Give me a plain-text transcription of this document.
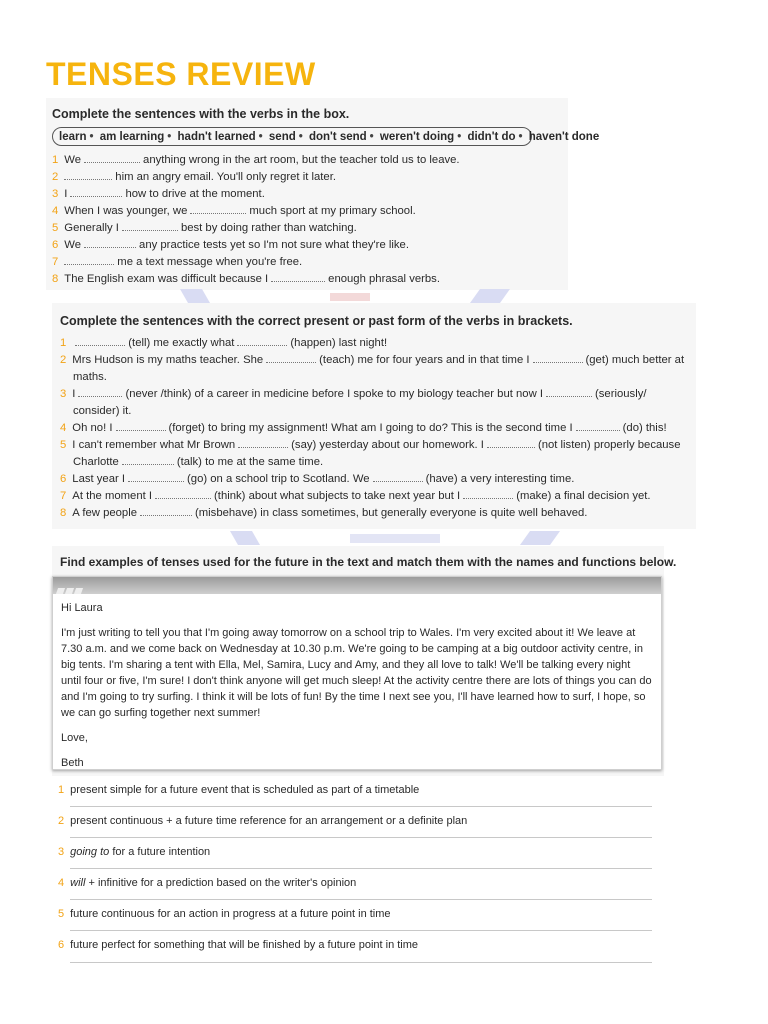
TENSES REVIEW
Complete the sentences with the verbs in the box.
learn • am learning • hadn't learned • send • don't send • weren't doing • didn't do • haven't done
1 We	anything wrong in the art room, but the teacher told us to leave.
2	him an angry email. You'll only regret it later.
3 I	how to drive at the moment.
4 When I was younger, we	much sport at my primary school.
5 Generally I	best by doing rather than watching.
6 We	any practice tests yet so I'm not sure what they're like.
7	me a text message when you're free.
8 The English exam was difficult because I	enough phrasal verbs.
Complete the sentences with the correct present or past form of the verbs in brackets.
1	(tell) me exactly what	(happen) last night!
2 Mrs Hudson is my maths teacher. She	(teach) me for four years and in that time I	(get) much better at
maths.
3 I	(never /think) of a career in medicine before I spoke to my biology teacher but now I	(seriously/
consider) it.
4 Oh no! I	(forget) to bring my assignment! What am I going to do? This is the second time I	(do) this!
5 I can't remember what Mr Brown	(say) yesterday about our homework. I	(not listen) properly because
Charlotte	(talk) to me at the same time.
6 Last year I	(go) on a school trip to Scotland. We	(have) a very interesting time.
7 At the moment I	(think) about what subjects to take next year but I	(make) a final decision yet.
8 A few people	(misbehave) in class sometimes, but generally everyone is quite well behaved.
Find examples of tenses used for the future in the text and match them with the names and functions below.

Hi Laura

I'm just writing to tell you that I'm going away tomorrow on a school trip to Wales. I'm very excited about it! We leave at 7.30 a.m. and we come back on Wednesday at 10.30 p.m. We're going to be camping at a big outdoor activity centre, in big tents. I'm sharing a tent with Ella, Mel, Samira, Lucy and Amy, and they all love to talk! We'll be talking every night until four or five, I'm sure! I don't think anyone will get much sleep! At the activity centre there are lots of things you can do and I'm going to try surfing. I think it will be lots of fun! By the time I next see you, I'll have learned how to surf, I hope, so we can go surfing together next summer!

Love,

Beth

1 present simple for a future event that is scheduled as part of a timetable
2 present continuous + a future time reference for an arrangement or a definite plan
3 going to for a future intention
4 will + infinitive for a prediction based on the writer's opinion
5 future continuous for an action in progress at a future point in time
6 future perfect for something that will be finished by a future point in time
